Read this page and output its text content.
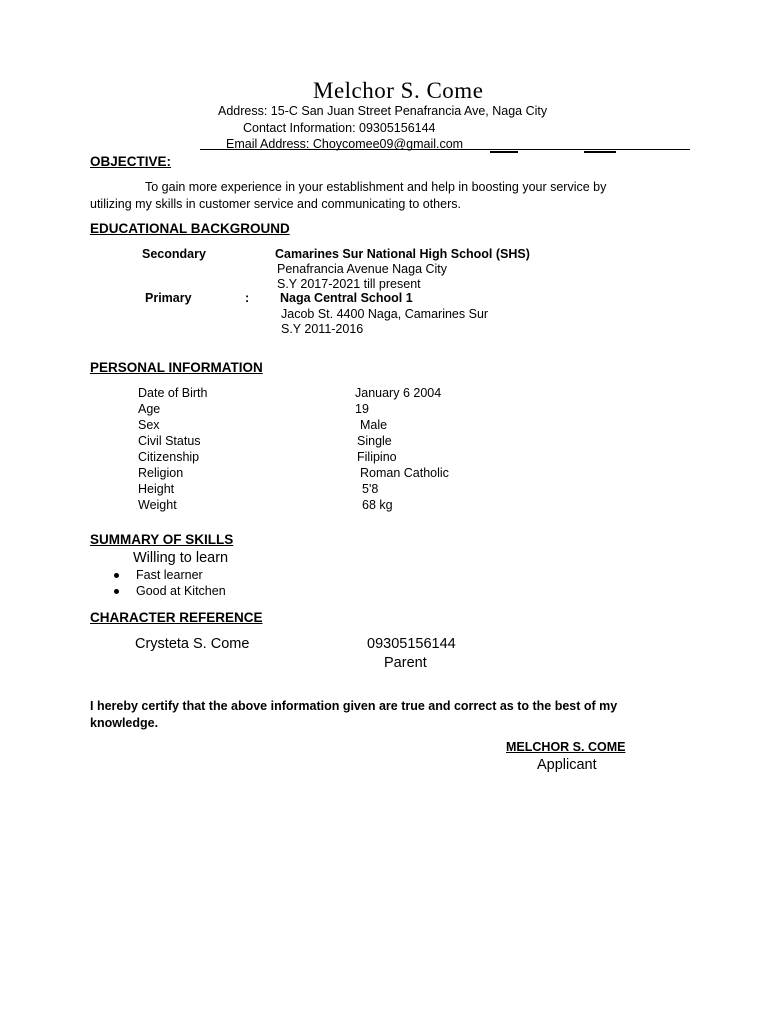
Melchor S. Come
Address: 15-C San Juan Street Penafrancia Ave, Naga City
Contact Information: 09305156144
Email Address: Choycomee09@gmail.com
OBJECTIVE:
To gain more experience in your establishment and help in boosting your service by
utilizing my skills in customer service and communicating to others.
EDUCATIONAL BACKGROUND
Secondary	Camarines Sur National High School (SHS)
Penafrancia Avenue Naga City
S.Y 2017-2021 till present
Primary	: Naga Central School 1
Jacob St. 4400 Naga, Camarines Sur
S.Y 2011-2016
PERSONAL INFORMATION
Date of Birth	January 6 2004
Age	19
Sex	Male
Civil Status	Single
Citizenship	Filipino
Religion	Roman Catholic
Height	5'8
Weight	68 kg
SUMMARY OF SKILLS
Willing to learn
Fast learner
Good at Kitchen
CHARACTER REFERENCE
Crysteta S. Come	09305156144
Parent
I hereby certify that the above information given are true and correct as to the best of my
knowledge.
MELCHOR S. COME
Applicant
